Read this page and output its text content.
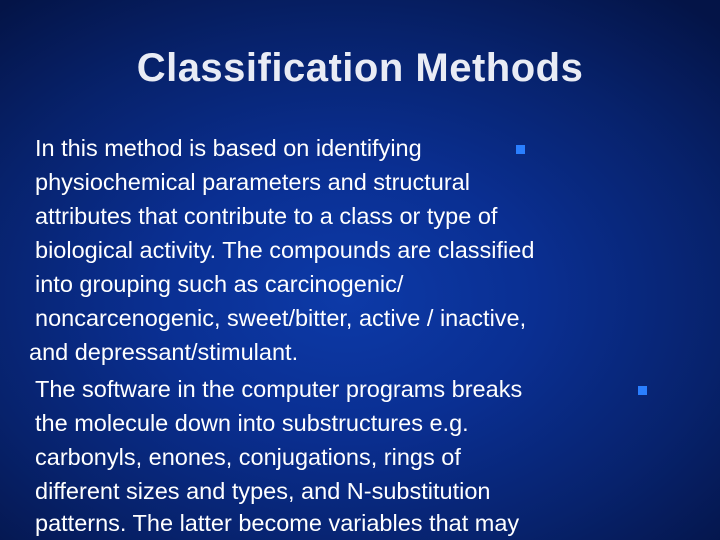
Classification Methods
In this method is based on identifying
physiochemical parameters and structural
attributes that contribute to a class or type of
biological activity. The compounds are classified
into grouping such as carcinogenic/
noncarcenogenic, sweet/bitter, active / inactive,
and depressant/stimulant.
The software in the computer programs breaks
the molecule down into substructures e.g.
carbonyls, enones, conjugations, rings of
different sizes and types, and N-substitution
patterns. The latter become variables that may
